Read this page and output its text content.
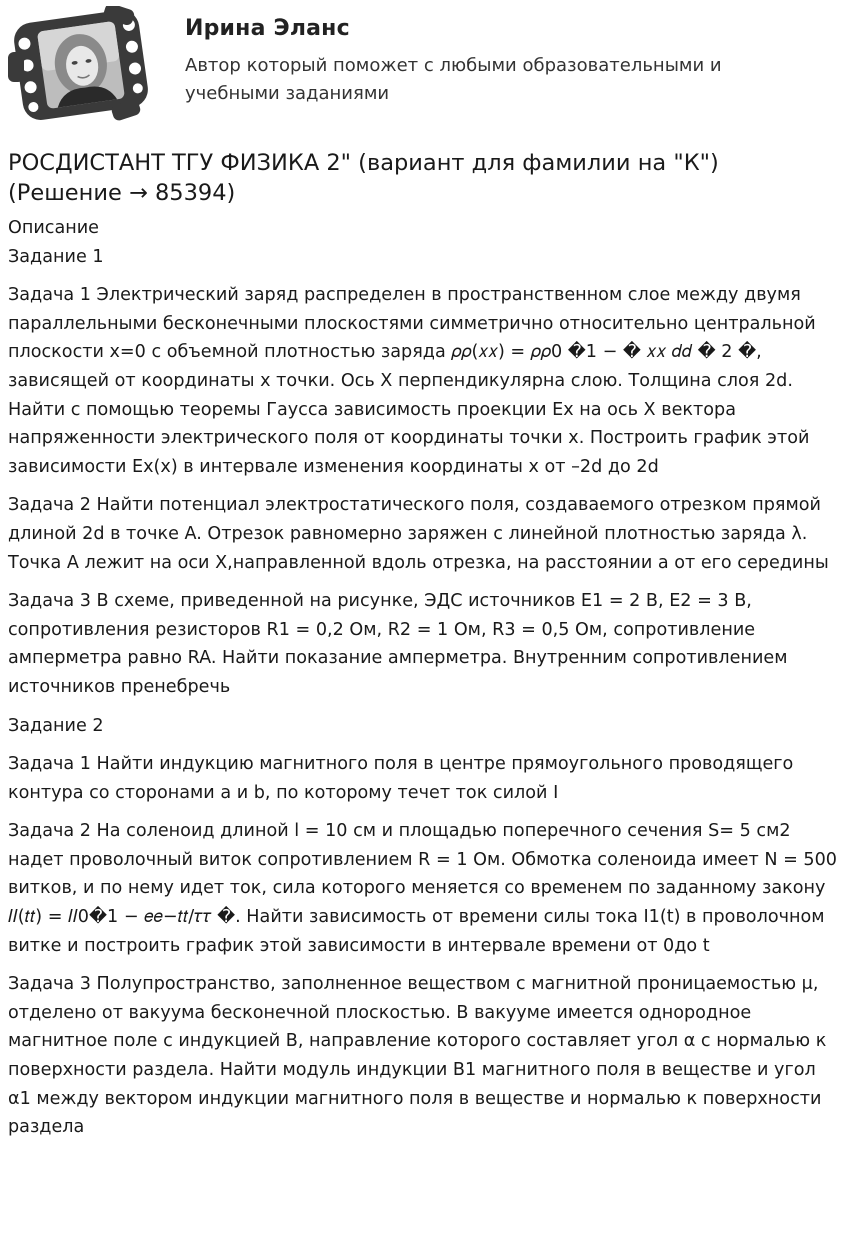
Ирина Эланс
Автор который поможет с любыми образовательными и учебными заданиями
РОСДИСТАНТ ТГУ ФИЗИКА 2" (вариант для фамилии на "К") (Решение → 85394)

Описание

Задание 1

Задача 1 Электрический заряд распределен в пространственном слое между двумя параллельными бесконечными плоскостями симметрично относительно центральной плоскости x=0 с объемной плотностью заряда 𝜌𝜌(𝑥𝑥) = 𝜌𝜌0 �1 − � 𝑥𝑥 𝑑𝑑 � 2 �, зависящей от координаты x точки. Ось X перпендикулярна слою. Толщина слоя 2d. Найти с помощью теоремы Гаусса зависимость проекции Ex на ось X вектора напряженности электрического поля от координаты точки x. Построить график этой зависимости Ex(x) в интервале изменения координаты x от –2d до 2d

Задача 2 Найти потенциал электростатического поля, создаваемого отрезком прямой длиной 2d в точке A. Отрезок равномерно заряжен с линейной плотностью заряда λ. Точка A лежит на оси X,направленной вдоль отрезка, на расстоянии a от его середины

Задача 3 В схеме, приведенной на рисунке, ЭДС источников E1 = 2 В, E2 = 3 В, сопротивления резисторов R1 = 0,2 Ом, R2 = 1 Ом, R3 = 0,5 Ом, сопротивление амперметра равно RA. Найти показание амперметра. Внутренним сопротивлением источников пренебречь

Задание 2

Задача 1 Найти индукцию магнитного поля в центре прямоугольного проводящего контура со сторонами a и b, по которому течет ток силой I

Задача 2 На соленоид длиной l = 10 см и площадью поперечного сечения S= 5 см2 надет проволочный виток сопротивлением R = 1 Ом. Обмотка соленоида имеет N = 500 витков, и по нему идет ток, сила которого меняется со временем по заданному закону 𝐼𝐼(𝑡𝑡) = 𝐼𝐼0�1 − 𝑒𝑒−𝑡𝑡/𝜏𝜏 �. Найти зависимость от времени силы тока I1(t) в проволочном витке и построить график этой зависимости в интервале времени от 0до t

Задача 3 Полупространство, заполненное веществом с магнитной проницаемостью μ, отделено от вакуума бесконечной плоскостью. В вакууме имеется однородное магнитное поле с индукцией B, направление которого составляет угол α с нормалью к поверхности раздела. Найти модуль индукции B1 магнитного поля в веществе и угол α1 между вектором индукции магнитного поля в веществе и нормалью к поверхности раздела
